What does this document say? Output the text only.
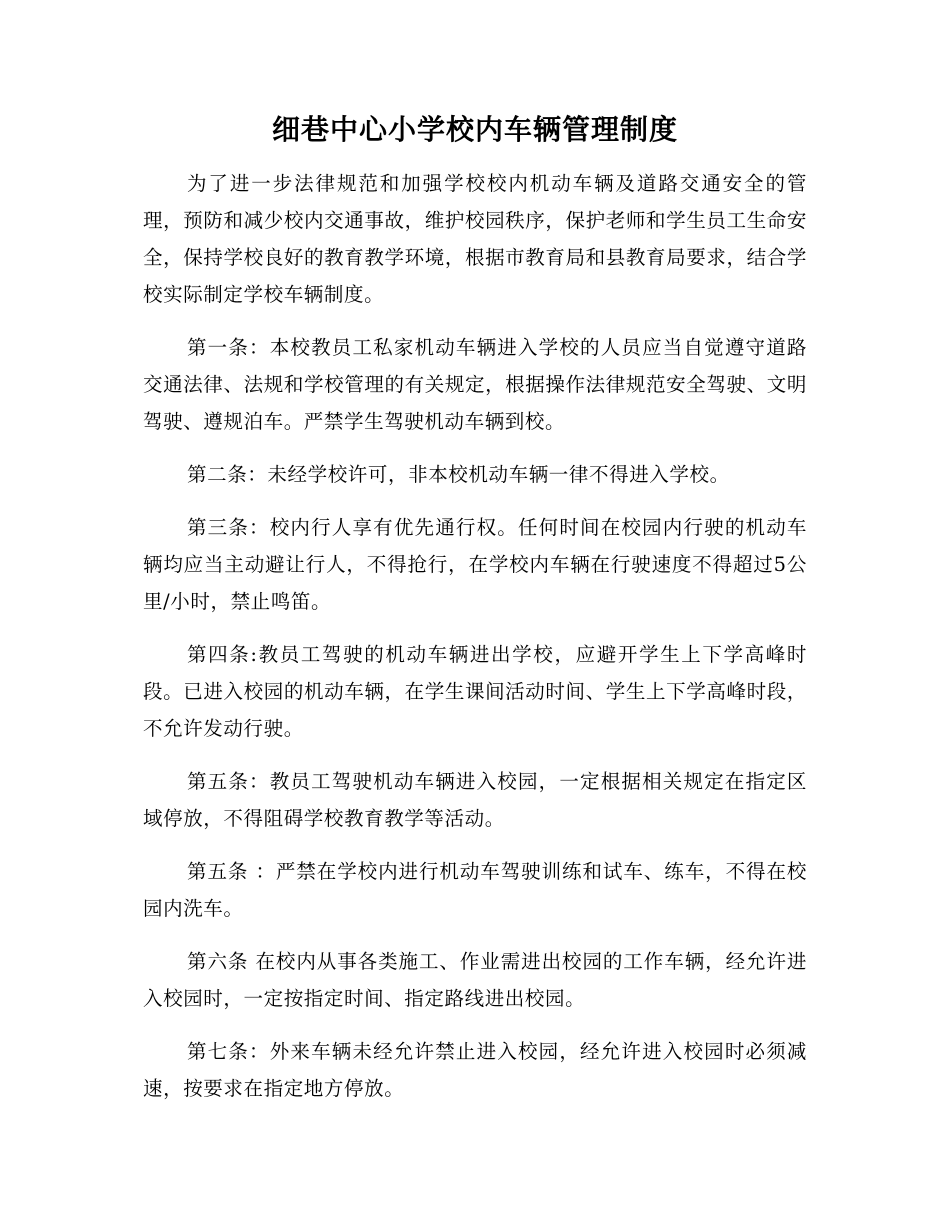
细巷中心小学校内车辆管理制度

为了进一步法律规范和加强学校校内机动车辆及道路交通安全的管理，预防和减少校内交通事故，维护校园秩序，保护老师和学生员工生命安全，保持学校良好的教育教学环境，根据市教育局和县教育局要求，结合学校实际制定学校车辆制度。

第一条：本校教员工私家机动车辆进入学校的人员应当自觉遵守道路交通法律、法规和学校管理的有关规定，根据操作法律规范安全驾驶、文明驾驶、遵规泊车。严禁学生驾驶机动车辆到校。

第二条：未经学校许可，非本校机动车辆一律不得进入学校。

第三条：校内行人享有优先通行权。任何时间在校园内行驶的机动车辆均应当主动避让行人，不得抢行，在学校内车辆在行驶速度不得超过5公里/小时，禁止鸣笛。

第四条:教员工驾驶的机动车辆进出学校，应避开学生上下学高峰时段。已进入校园的机动车辆，在学生课间活动时间、学生上下学高峰时段，不允许发动行驶。

第五条：教员工驾驶机动车辆进入校园，一定根据相关规定在指定区域停放，不得阻碍学校教育教学等活动。

第五条 ：严禁在学校内进行机动车驾驶训练和试车、练车，不得在校园内洗车。

第六条 在校内从事各类施工、作业需进出校园的工作车辆，经允许进入校园时，一定按指定时间、指定路线进出校园。

第七条：外来车辆未经允许禁止进入校园，经允许进入校园时必须减速，按要求在指定地方停放。
